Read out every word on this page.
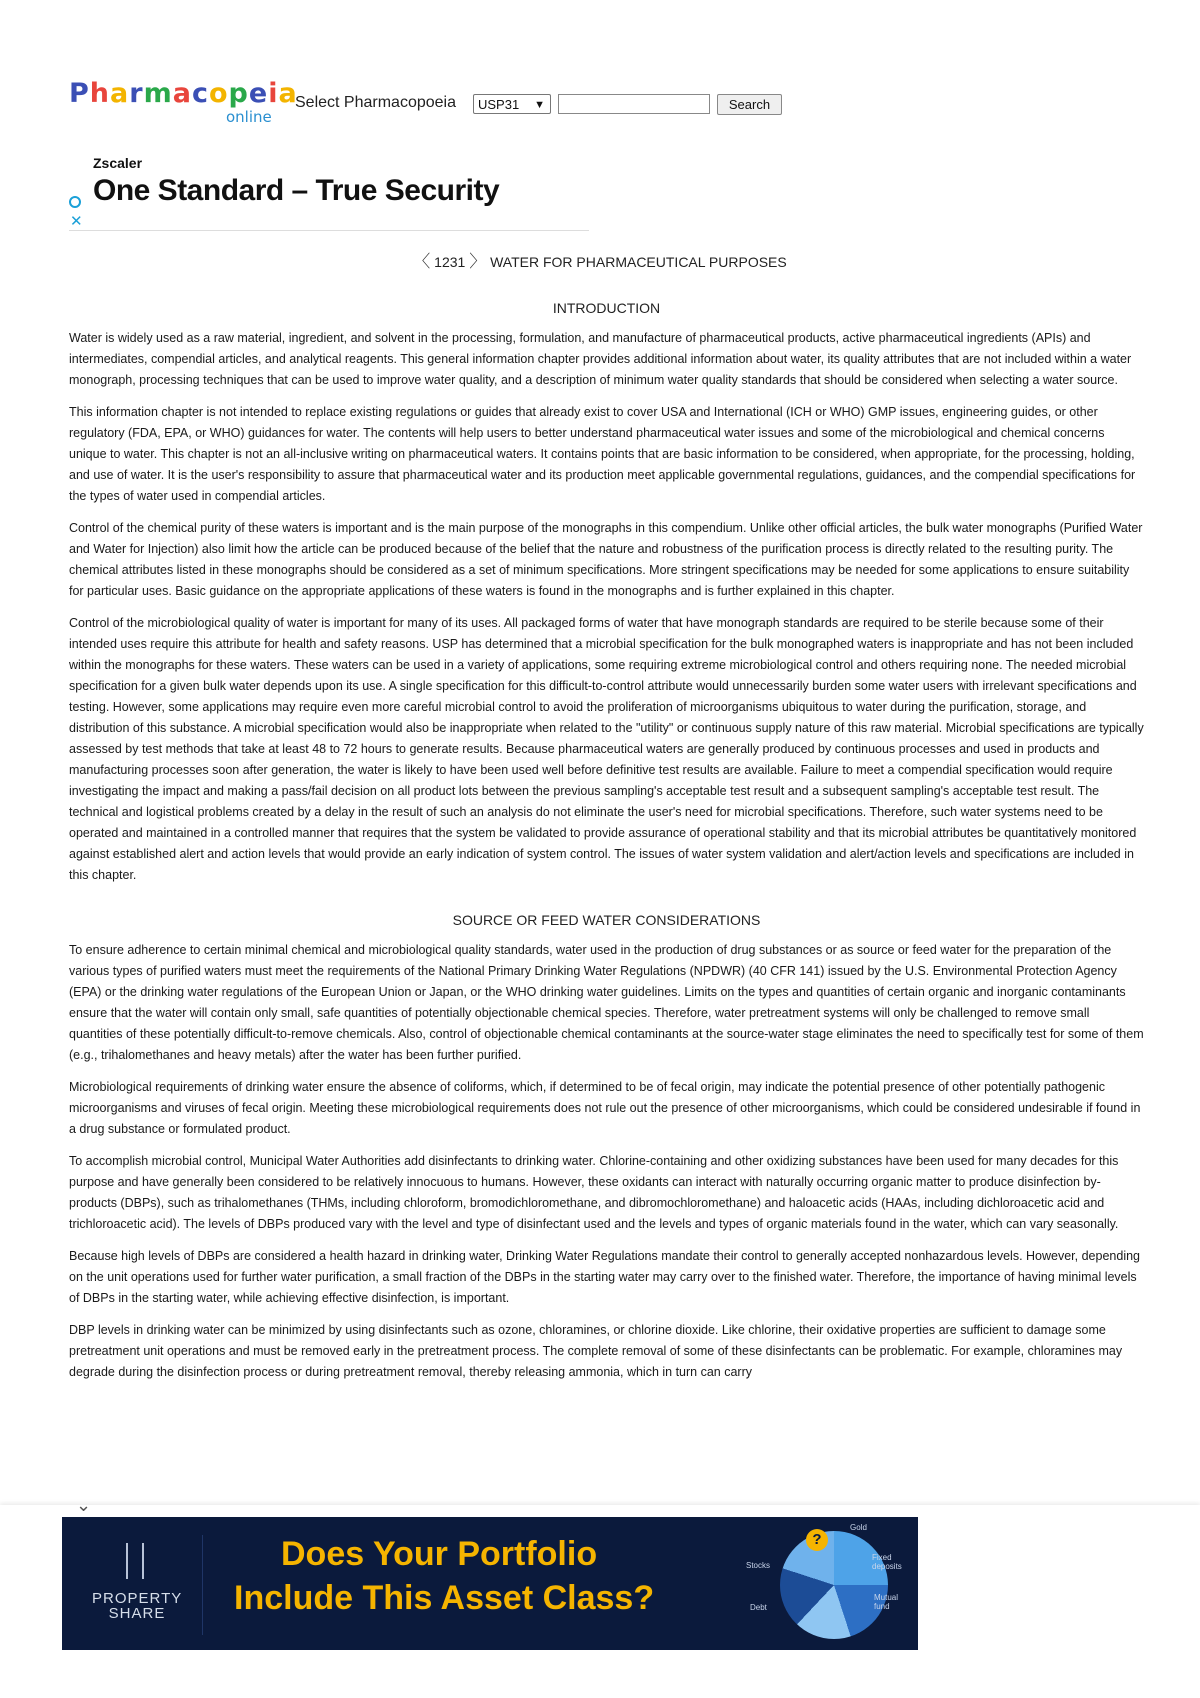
Pharmacopeia
online
Select Pharmacopoeia	USP31 ▼	Search
Zscaler
One Standard – True Security
✕
〈 1231 〉 WATER FOR PHARMACEUTICAL PURPOSES
INTRODUCTION

Water is widely used as a raw material, ingredient, and solvent in the processing, formulation, and manufacture of pharmaceutical products, active pharmaceutical ingredients (APIs) and intermediates, compendial articles, and analytical reagents. This general information chapter provides additional information about water, its quality attributes that are not included within a water monograph, processing techniques that can be used to improve water quality, and a description of minimum water quality standards that should be considered when selecting a water source.

This information chapter is not intended to replace existing regulations or guides that already exist to cover USA and International (ICH or WHO) GMP issues, engineering guides, or other regulatory (FDA, EPA, or WHO) guidances for water. The contents will help users to better understand pharmaceutical water issues and some of the microbiological and chemical concerns unique to water. This chapter is not an all-inclusive writing on pharmaceutical waters. It contains points that are basic information to be considered, when appropriate, for the processing, holding, and use of water. It is the user's responsibility to assure that pharmaceutical water and its production meet applicable governmental regulations, guidances, and the compendial specifications for the types of water used in compendial articles.

Control of the chemical purity of these waters is important and is the main purpose of the monographs in this compendium. Unlike other official articles, the bulk water monographs (Purified Water and Water for Injection) also limit how the article can be produced because of the belief that the nature and robustness of the purification process is directly related to the resulting purity. The chemical attributes listed in these monographs should be considered as a set of minimum specifications. More stringent specifications may be needed for some applications to ensure suitability for particular uses. Basic guidance on the appropriate applications of these waters is found in the monographs and is further explained in this chapter.

Control of the microbiological quality of water is important for many of its uses. All packaged forms of water that have monograph standards are required to be sterile because some of their intended uses require this attribute for health and safety reasons. USP has determined that a microbial specification for the bulk monographed waters is inappropriate and has not been included within the monographs for these waters. These waters can be used in a variety of applications, some requiring extreme microbiological control and others requiring none. The needed microbial specification for a given bulk water depends upon its use. A single specification for this difficult-to-control attribute would unnecessarily burden some water users with irrelevant specifications and testing. However, some applications may require even more careful microbial control to avoid the proliferation of microorganisms ubiquitous to water during the purification, storage, and distribution of this substance. A microbial specification would also be inappropriate when related to the "utility" or continuous supply nature of this raw material. Microbial specifications are typically assessed by test methods that take at least 48 to 72 hours to generate results. Because pharmaceutical waters are generally produced by continuous processes and used in products and manufacturing processes soon after generation, the water is likely to have been used well before definitive test results are available. Failure to meet a compendial specification would require investigating the impact and making a pass/fail decision on all product lots between the previous sampling's acceptable test result and a subsequent sampling's acceptable test result. The technical and logistical problems created by a delay in the result of such an analysis do not eliminate the user's need for microbial specifications. Therefore, such water systems need to be operated and maintained in a controlled manner that requires that the system be validated to provide assurance of operational stability and that its microbial attributes be quantitatively monitored against established alert and action levels that would provide an early indication of system control. The issues of water system validation and alert/action levels and specifications are included in this chapter.

SOURCE OR FEED WATER CONSIDERATIONS

To ensure adherence to certain minimal chemical and microbiological quality standards, water used in the production of drug substances or as source or feed water for the preparation of the various types of purified waters must meet the requirements of the National Primary Drinking Water Regulations (NPDWR) (40 CFR 141) issued by the U.S. Environmental Protection Agency (EPA) or the drinking water regulations of the European Union or Japan, or the WHO drinking water guidelines. Limits on the types and quantities of certain organic and inorganic contaminants ensure that the water will contain only small, safe quantities of potentially objectionable chemical species. Therefore, water pretreatment systems will only be challenged to remove small quantities of these potentially difficult-to-remove chemicals. Also, control of objectionable chemical contaminants at the source-water stage eliminates the need to specifically test for some of them (e.g., trihalomethanes and heavy metals) after the water has been further purified.

Microbiological requirements of drinking water ensure the absence of coliforms, which, if determined to be of fecal origin, may indicate the potential presence of other potentially pathogenic microorganisms and viruses of fecal origin. Meeting these microbiological requirements does not rule out the presence of other microorganisms, which could be considered undesirable if found in a drug substance or formulated product.

To accomplish microbial control, Municipal Water Authorities add disinfectants to drinking water. Chlorine-containing and other oxidizing substances have been used for many decades for this purpose and have generally been considered to be relatively innocuous to humans. However, these oxidants can interact with naturally occurring organic matter to produce disinfection by-products (DBPs), such as trihalomethanes (THMs, including chloroform, bromodichloromethane, and dibromochloromethane) and haloacetic acids (HAAs, including dichloroacetic acid and trichloroacetic acid). The levels of DBPs produced vary with the level and type of disinfectant used and the levels and types of organic materials found in the water, which can vary seasonally.

Because high levels of DBPs are considered a health hazard in drinking water, Drinking Water Regulations mandate their control to generally accepted nonhazardous levels. However, depending on the unit operations used for further water purification, a small fraction of the DBPs in the starting water may carry over to the finished water. Therefore, the importance of having minimal levels of DBPs in the starting water, while achieving effective disinfection, is important.

DBP levels in drinking water can be minimized by using disinfectants such as ozone, chloramines, or chlorine dioxide. Like chlorine, their oxidative properties are sufficient to damage some pretreatment unit operations and must be removed early in the pretreatment process. The complete removal of some of these disinfectants can be problematic. For example, chloramines may degrade during the disinfection process or during pretreatment removal, thereby releasing ammonia, which in turn can carry

⌄
PROPERTY
SHARE
Does Your Portfolio
Include This Asset Class?
?
Gold
Fixed deposits
Mutual fund
Stocks
Debt
